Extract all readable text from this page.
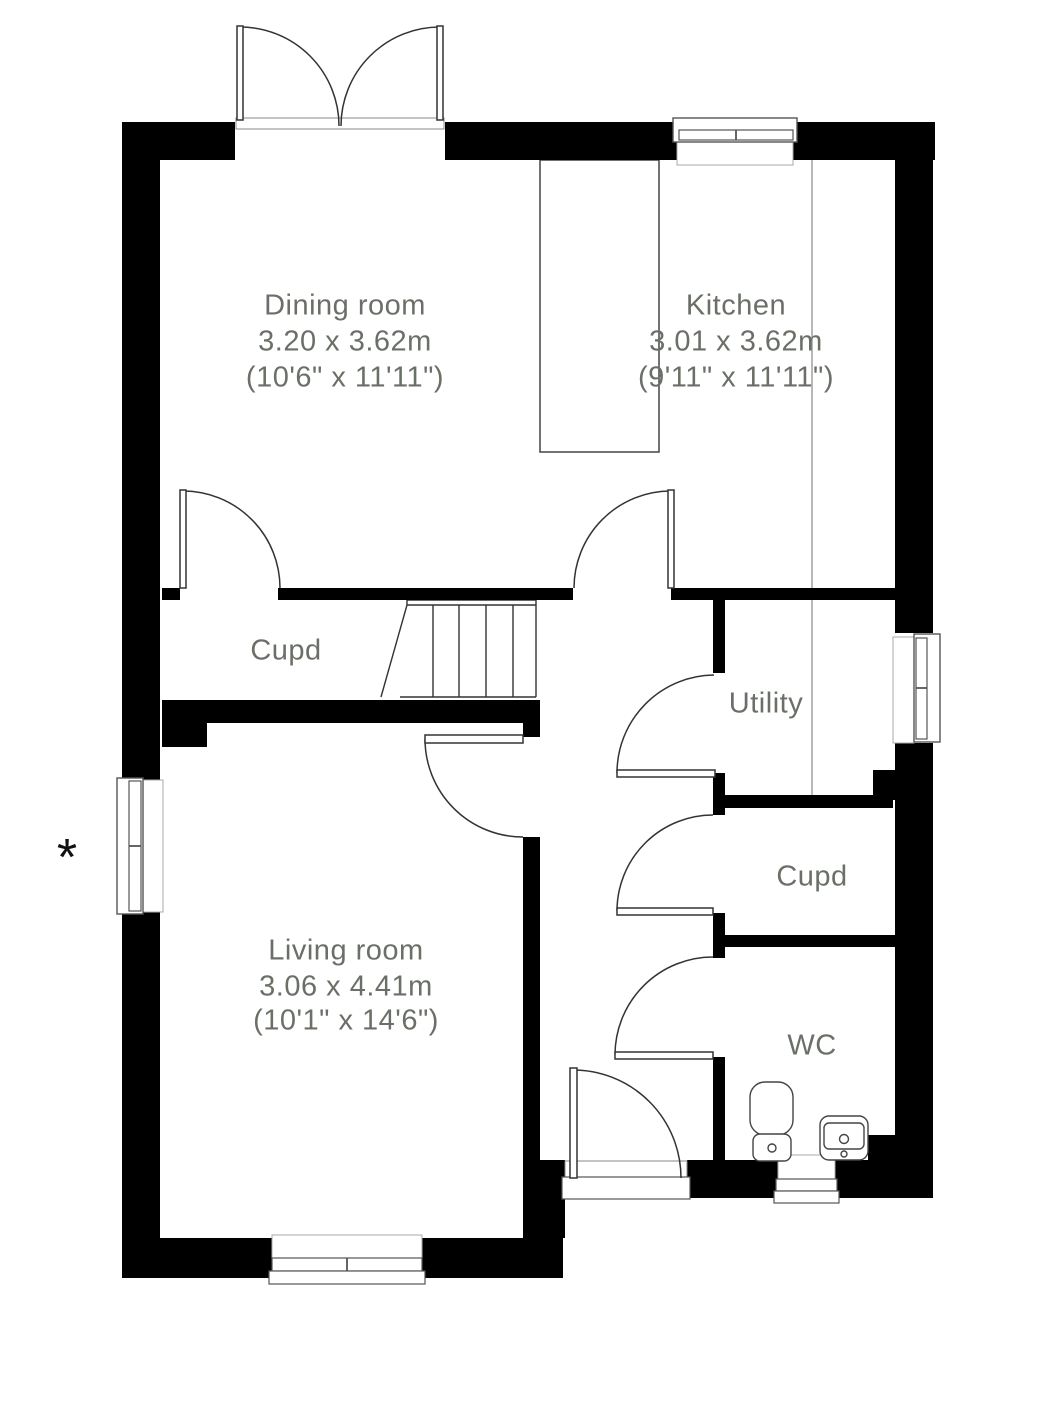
Dining room
3.20 x 3.62m
(10'6" x 11'11")
Kitchen
3.01 x 3.62m
(9'11" x 11'11")
Living room
3.06 x 4.41m
(10'1" x 14'6")
Cupd
Utility
Cupd
WC
*
